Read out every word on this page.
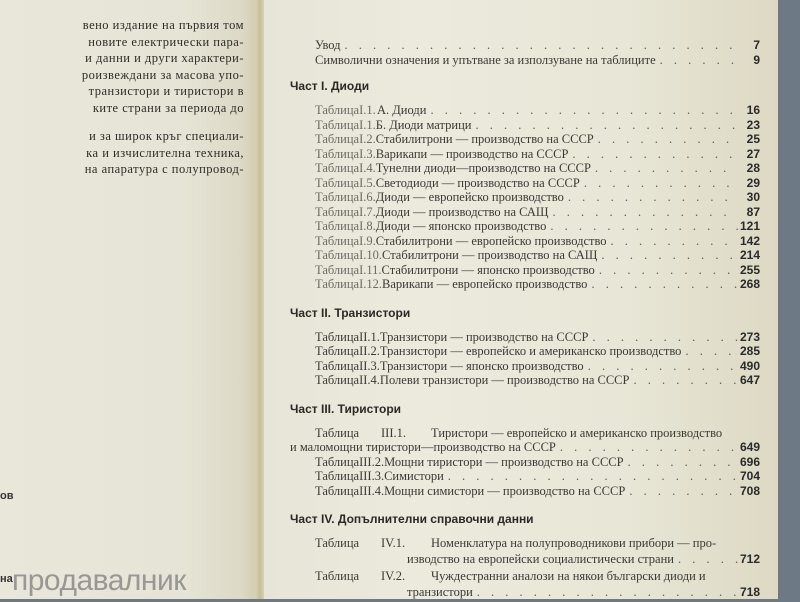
вено издание на първия том
новите електрически пара-
и данни и други характери-
роизвеждани за масова упо-
транзистори и тиристори в
ките страни за периода до
и за широк кръг специали-
ка и изчислителна техника,
на апаратура с полупровод-
ов
на продавалник
Увод . . .	7
Символични означения и упътване за използуване на таблиците . . .	9
Част I. Диоди
Таблица I.1. А. Диоди . . .	16
Таблица I.1. Б. Диоди матрици . . .	23
Таблица I.2. Стабилитрони — производство на СССР . . .	25
Таблица I.3. Варикапи — производство на СССР . . .	27
Таблица I.4. Тунелни диоди—производство на СССР . . .	28
Таблица I.5. Светодиоди — производство на СССР . . .	29
Таблица I.6. Диоди — европейско производство . . .	30
Таблица I.7. Диоди — производство на САЩ . . .	87
Таблица I.8. Диоди — японско производство . . .	121
Таблица I.9. Стабилитрони — европейско производство . . .	142
Таблица I.10. Стабилитрони — производство на САЩ . . .	214
Таблица I.11. Стабилитрони — японско производство . . .	255
Таблица I.12. Варикапи — европейско производство . . .	268
Част II. Транзистори
Таблица II.1. Транзистори — производство на СССР . . .	273
Таблица II.2. Транзистори — европейско и американско производство . . .	285
Таблица II.3. Транзистори — японско производство . . .	490
Таблица II.4. Полеви транзистори — производство на СССР . . .	647
Част III. Тиристори
Таблица	III.1.	Тиристори — европейско и американско производство
и маломощни тиристори—производство на СССР . . .	649
Таблица III.2. Мощни тиристори — производство на СССР . . .	696
Таблица III.3. Симистори . . .	704
Таблица III.4. Мощни симистори — производство на СССР . . .	708
Част IV. Допълнителни справочни данни
Таблица	IV.1.	Номенклатура на полупроводникови прибори — про-
изводство на европейски социалистически страни . . .	712
Таблица	IV.2.	Чуждестранни аналози на някои български диоди и
транзистори . . .	718
